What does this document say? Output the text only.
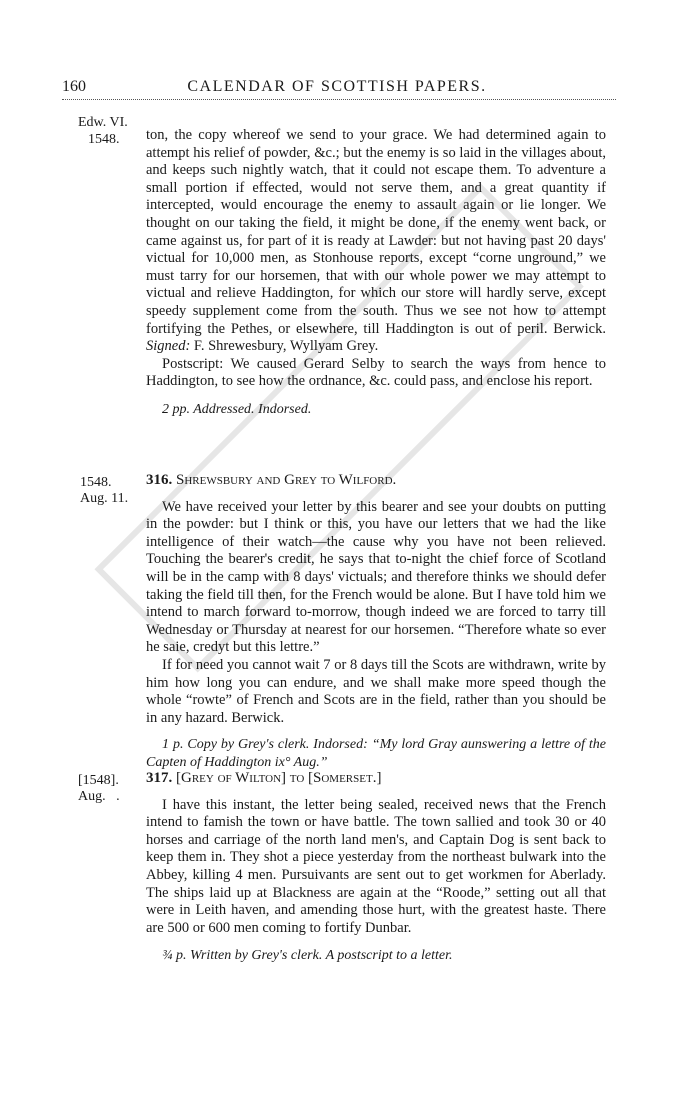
160	CALENDAR OF SCOTTISH PAPERS.
Edw. VI.
1548.
1548.
Aug. 11.
[1548].
Aug.   .

ton, the copy whereof we send to your grace. We had determined again to attempt his relief of powder, &c.; but the enemy is so laid in the villages about, and keeps such nightly watch, that it could not escape them. To adventure a small portion if effected, would not serve them, and a great quantity if intercepted, would encourage the enemy to assault again or lie longer. We thought on our taking the field, it might be done, if the enemy went back, or came against us, for part of it is ready at Lawder: but not having past 20 days' victual for 10,000 men, as Stonhouse reports, except “corne unground,” we must tarry for our horsemen, that with our whole power we may attempt to victual and relieve Haddington, for which our store will hardly serve, except speedy supplement come from the south. Thus we see not how to attempt fortifying the Pethes, or elsewhere, till Haddington is out of peril. Berwick. Signed: F. Shrewesbury, Wyllyam Grey.

Postscript: We caused Gerard Selby to search the ways from hence to Haddington, to see how the ordnance, &c. could pass, and enclose his report.

2 pp. Addressed. Indorsed.

316. Shrewsbury and Grey to Wilford.

We have received your letter by this bearer and see your doubts on putting in the powder: but I think or this, you have our letters that we had the like intelligence of their watch—the cause why you have not been relieved. Touching the bearer's credit, he says that to-night the chief force of Scotland will be in the camp with 8 days' victuals; and therefore thinks we should defer taking the field till then, for the French would be alone. But I have told him we intend to march forward to-morrow, though indeed we are forced to tarry till Wednesday or Thursday at nearest for our horsemen. “Therefore whate so ever he saie, credyt but this lettre.”

If for need you cannot wait 7 or 8 days till the Scots are withdrawn, write by him how long you can endure, and we shall make more speed though the whole “rowte” of French and Scots are in the field, rather than you should be in any hazard. Berwick.

1 p. Copy by Grey's clerk. Indorsed: “My lord Gray aunswering a lettre of the Capten of Haddington ix° Aug.”

317. [Grey of Wilton] to [Somerset.]

I have this instant, the letter being sealed, received news that the French intend to famish the town or have battle. The town sallied and took 30 or 40 horses and carriage of the north land men's, and Captain Dog is sent back to keep them in. They shot a piece yesterday from the northeast bulwark into the Abbey, killing 4 men. Pursuivants are sent out to get workmen for Aberlady. The ships laid up at Blackness are again at the “Roode,” setting out all that were in Leith haven, and amending those hurt, with the greatest haste. There are 500 or 600 men coming to fortify Dunbar.

¾ p. Written by Grey's clerk. A postscript to a letter.
